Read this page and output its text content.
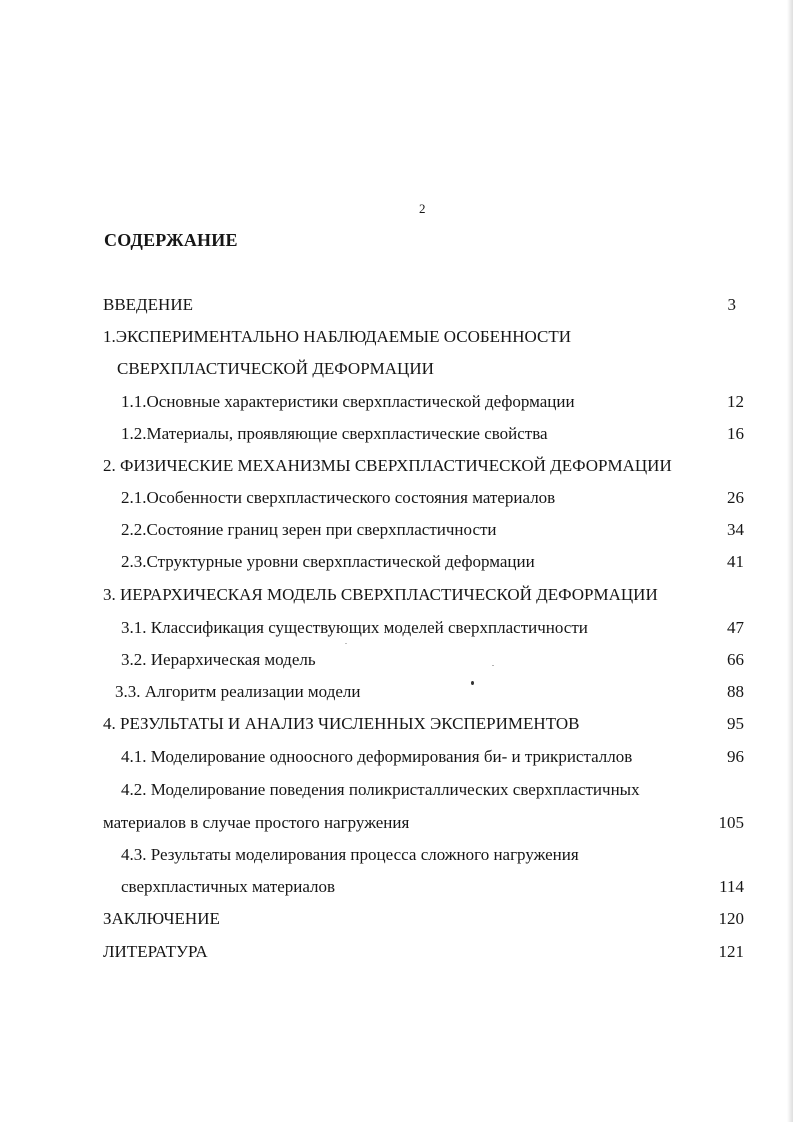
2
СОДЕРЖАНИЕ
ВВЕДЕНИЕ	3
1.ЭКСПЕРИМЕНТАЛЬНО НАБЛЮДАЕМЫЕ ОСОБЕННОСТИ
СВЕРХПЛАСТИЧЕСКОЙ ДЕФОРМАЦИИ
1.1.Основные характеристики сверхпластической деформации	12
1.2.Материалы, проявляющие сверхпластические свойства	16
2. ФИЗИЧЕСКИЕ МЕХАНИЗМЫ СВЕРХПЛАСТИЧЕСКОЙ ДЕФОРМАЦИИ
2.1.Особенности сверхпластического состояния материалов	26
2.2.Состояние границ зерен при сверхпластичности	34
2.3.Структурные уровни сверхпластической деформации	41
3. ИЕРАРХИЧЕСКАЯ МОДЕЛЬ СВЕРХПЛАСТИЧЕСКОЙ ДЕФОРМАЦИИ
3.1. Классификация существующих моделей сверхпластичности	47
3.2. Иерархическая модель	66
3.3. Алгоритм реализации модели	88
4. РЕЗУЛЬТАТЫ И АНАЛИЗ ЧИСЛЕННЫХ ЭКСПЕРИМЕНТОВ	95
4.1. Моделирование одноосного деформирования би- и трикристаллов	96
4.2. Моделирование поведения поликристаллических сверхпластичных
материалов в случае простого нагружения	105
4.3. Результаты моделирования процесса сложного нагружения
сверхпластичных материалов	114
ЗАКЛЮЧЕНИЕ	120
ЛИТЕРАТУРА	121
